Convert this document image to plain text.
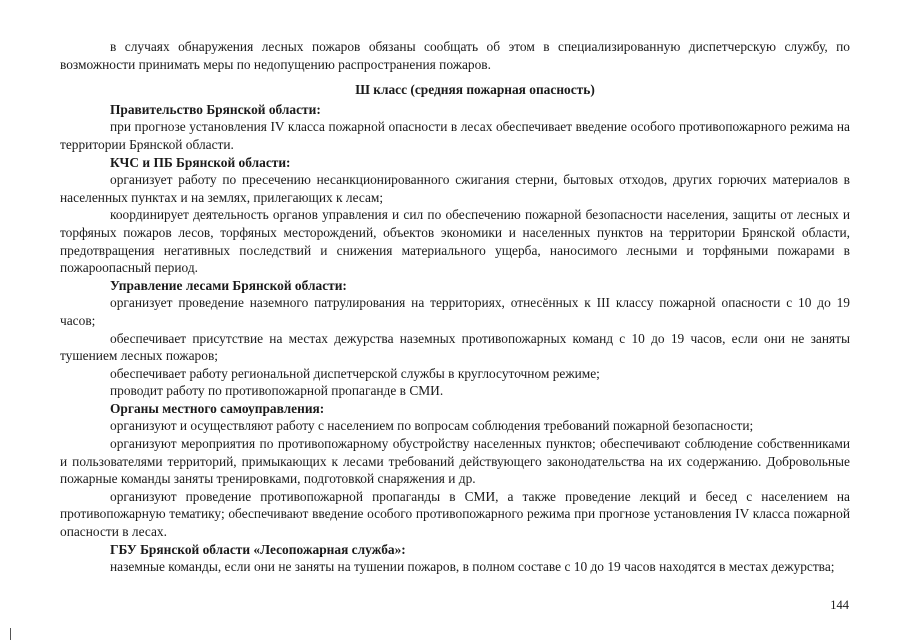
в случаях обнаружения лесных пожаров обязаны сообщать об этом в специализированную диспетчерскую службу, по возможности принимать меры по недопущению распространения пожаров.

Ш класс (средняя пожарная опасность)

Правительство Брянской области:

при прогнозе установления IV класса пожарной опасности в лесах обеспечивает введение особого противопожарного режима на территории Брянской области.

КЧС и ПБ Брянской области:

организует работу по пресечению несанкционированного сжигания стерни, бытовых отходов, других горючих материалов в населенных пунктах и на землях, прилегающих к лесам;

координирует деятельность органов управления и сил по обеспечению пожарной безопасности населения, защиты от лесных и торфяных пожаров лесов, торфяных месторождений, объектов экономики и населенных пунктов на территории Брянской области, предотвращения негативных последствий и снижения материального ущерба, наносимого лесными и торфяными пожарами в пожароопасный период.

Управление лесами Брянской области:

организует проведение наземного патрулирования на территориях, отнесённых к III классу пожарной опасности с 10 до 19 часов;

обеспечивает присутствие на местах дежурства наземных противопожарных команд с 10 до 19 часов, если они не заняты тушением лесных пожаров;

обеспечивает работу региональной диспетчерской службы в круглосуточном режиме;

проводит работу по противопожарной пропаганде в СМИ.

Органы местного самоуправления:

организуют и осуществляют работу с населением по вопросам соблюдения требований пожарной безопасности;

организуют мероприятия по противопожарному обустройству населенных пунктов; обеспечивают соблюдение собственниками и пользователями территорий, примыкающих к лесами требований действующего законодательства на их содержанию. Добровольные пожарные команды заняты тренировками, подготовкой снаряжения и др.

организуют проведение противопожарной пропаганды в СМИ, а также проведение лекций и бесед с населением на противопожарную тематику; обеспечивают введение особого противопожарного режима при прогнозе установления IV класса пожарной опасности в лесах.

ГБУ Брянской области «Лесопожарная служба»:

наземные команды, если они не заняты на тушении пожаров, в полном составе с 10 до 19 часов находятся в местах дежурства;

144
